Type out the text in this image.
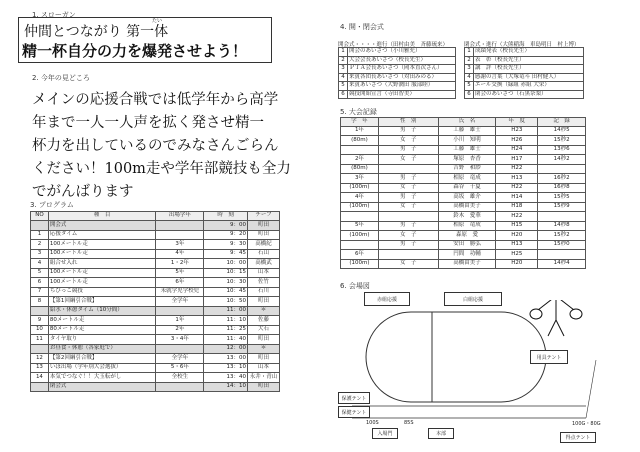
1. スローガン
仲間とつながり 第一体
精一杯自分の力を爆発させよう！
たい
2. 今年の見どころ
メインの応援合戦では低学年から高学
年まで一人一人声を拡く発させ精一
杯力を出しているのでみなさんごらん
ください！100m走や学年部競技も全力
でがんばります
3. プログラム
NO	種　目	出場学年	時　刻	チーフ
	開会式		9：00	町田
1	応援タイム		9：20	町田
2	100メートル走	3年	9：30	高橋紀
3	100メートル走	4年	9：45	石山
4	組合せ入れ	1・2年	10：00	高橋武
5	100メートル走	5年	10：15	山本
6	100メートル走	6年	10：30	佐竹
7	ちびっこ競技	未就学児学校児	10：45	石川
8	【第1回綱引合戦】	全学年	10：50	町田
	給水・休憩タイム（10分間）		11：00	＊
9	80メートル走	1年	11：10	佐藤
10	80メートル走	2年	11：25	大石
11	タイヤ取り	3・4年	11：40	町田
	お昼食・休憩（各家庭で）		12：00	＊
12	【第2回綱引合戦】	全学年	13：00	町田
13	いぼ出場（学年別大会選抜）	5・6年	13：10	山本
14	本気でつなぐ！！大玉転がし	全校生	13：40	永井・青山
	閉会式		14：10	町田
4. 開・閉会式
開会式・・・・進行（田村由美　斉藤琉来）	閉会式・進行（大熊稲海　車島明日　村上博）
1	開会のあいさつ（小川雅充）
2	大会会長あいさつ（校長先生）
3	ＰＴＡ会長あいさつ（岡本直次さん）
4	来賓各団長あいさつ（対田みのる）
5	来賓あいさつ（大野潤田 服部睦）
6	競技開始宣言（寺田智美）
1	成績発表（校長先生）
2	表　彰（校長先生）
3	講　評（校長先生）
4	感謝の言葉（大塚竜斗 田村健人）
5	エール交換（緑組 赤組 大栄）
6	閉会のあいさつ（石黒奈梨）
5. 大会記録
学　年	性　別	氏　名	年　度	記　録
1年	男　子	工藤　雄士	H23	14秒5
(80m)	女　子	小川　知明	H26	15秒2
	男　子	工藤　雄士	H24	13秒6
2年	女　子	塚原　杏香	H17	14秒2
(80m)		吉野　和紗	H22	
3年	男　子	相原　竜成	H13	16秒2
(100m)	女　子	森谷　千夏	H22	16秒8
4年	男　子	高坂　雄介	H14	15秒5
(100m)	女　子	高橋由美子	H18	15秒9
		鈴木　愛華	H22	
5年	男　子	相原　竜成	H15	14秒8
(100m)	女　子	森原　愛	H20	15秒2
	男　子	安田　勝弘	H13	15秒0
6年		円間　功輔	H25	
(100m)	女　子	高橋由美子	H20	14秒4
6. 会場図
赤組応援	白組応援
用具テント
保護テント
保健テント
100S	85S
入場門	本部
100G・80G
得点テント
